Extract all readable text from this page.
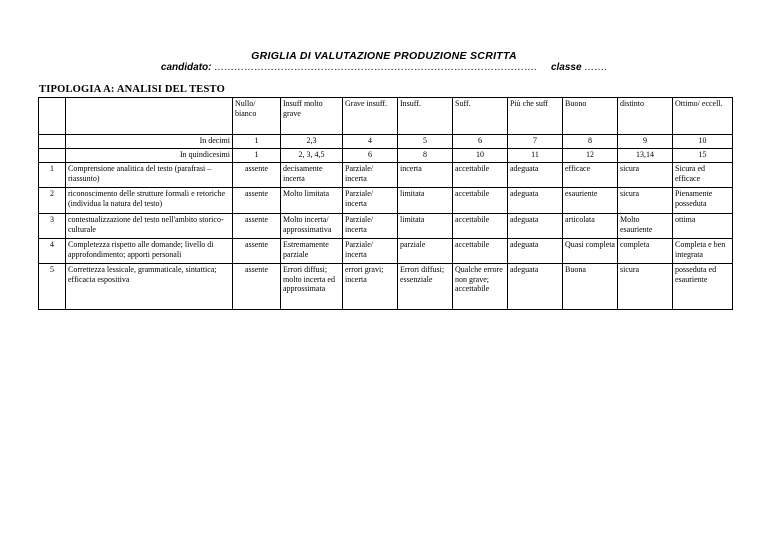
GRIGLIA DI VALUTAZIONE PRODUZIONE SCRITTA
candidato: ……………………………………………………………………………………. classe …….
TIPOLOGIA A: ANALISI DEL TESTO
		Nullo/ bianco	Insuff molto grave	Grave insuff.	Insuff.	Suff.	Più che suff	Buono	distinto	Ottimo/ eccell.
	In decimi	1	2,3	4	5	6	7	8	9	10
	In quindicesimi	1	2, 3, 4,5	6	8	10	11	12	13,14	15
1	Comprensione analitica del testo (parafrasi – riassunto)	assente	decisamente incerta	Parziale/ incerta	incerta	accettabile	adeguata	efficace	sicura	Sicura ed efficace
2	riconoscimento delle strutture formali e retoriche (individua la natura del testo)	assente	Molto limitata	Parziale/ incerta	limitata	accettabile	adeguata	esauriente	sicura	Pienamente posseduta
3	contestualizzazione del testo nell'ambito storico-culturale	assente	Molto incerta/ approssimativa	Parziale/ incerta	limitata	accettabile	adeguata	articolata	Molto esauriente	ottima
4	Completezza rispetto alle domande; livello di approfondimento; apporti personali	assente	Estremamente parziale	Parziale/ incerta	parziale	accettabile	adeguata	Quasi completa	completa	Completa e ben integrata
5	Correttezza lessicale, grammaticale, sintattica; efficacia espositiva	assente	Errori diffusi; molto incerta ed approssimata	errori gravi; incerta	Errori diffusi; essenziale	Qualche errore non grave; accettabile	adeguata	Buona	sicura	posseduta ed esauriente
